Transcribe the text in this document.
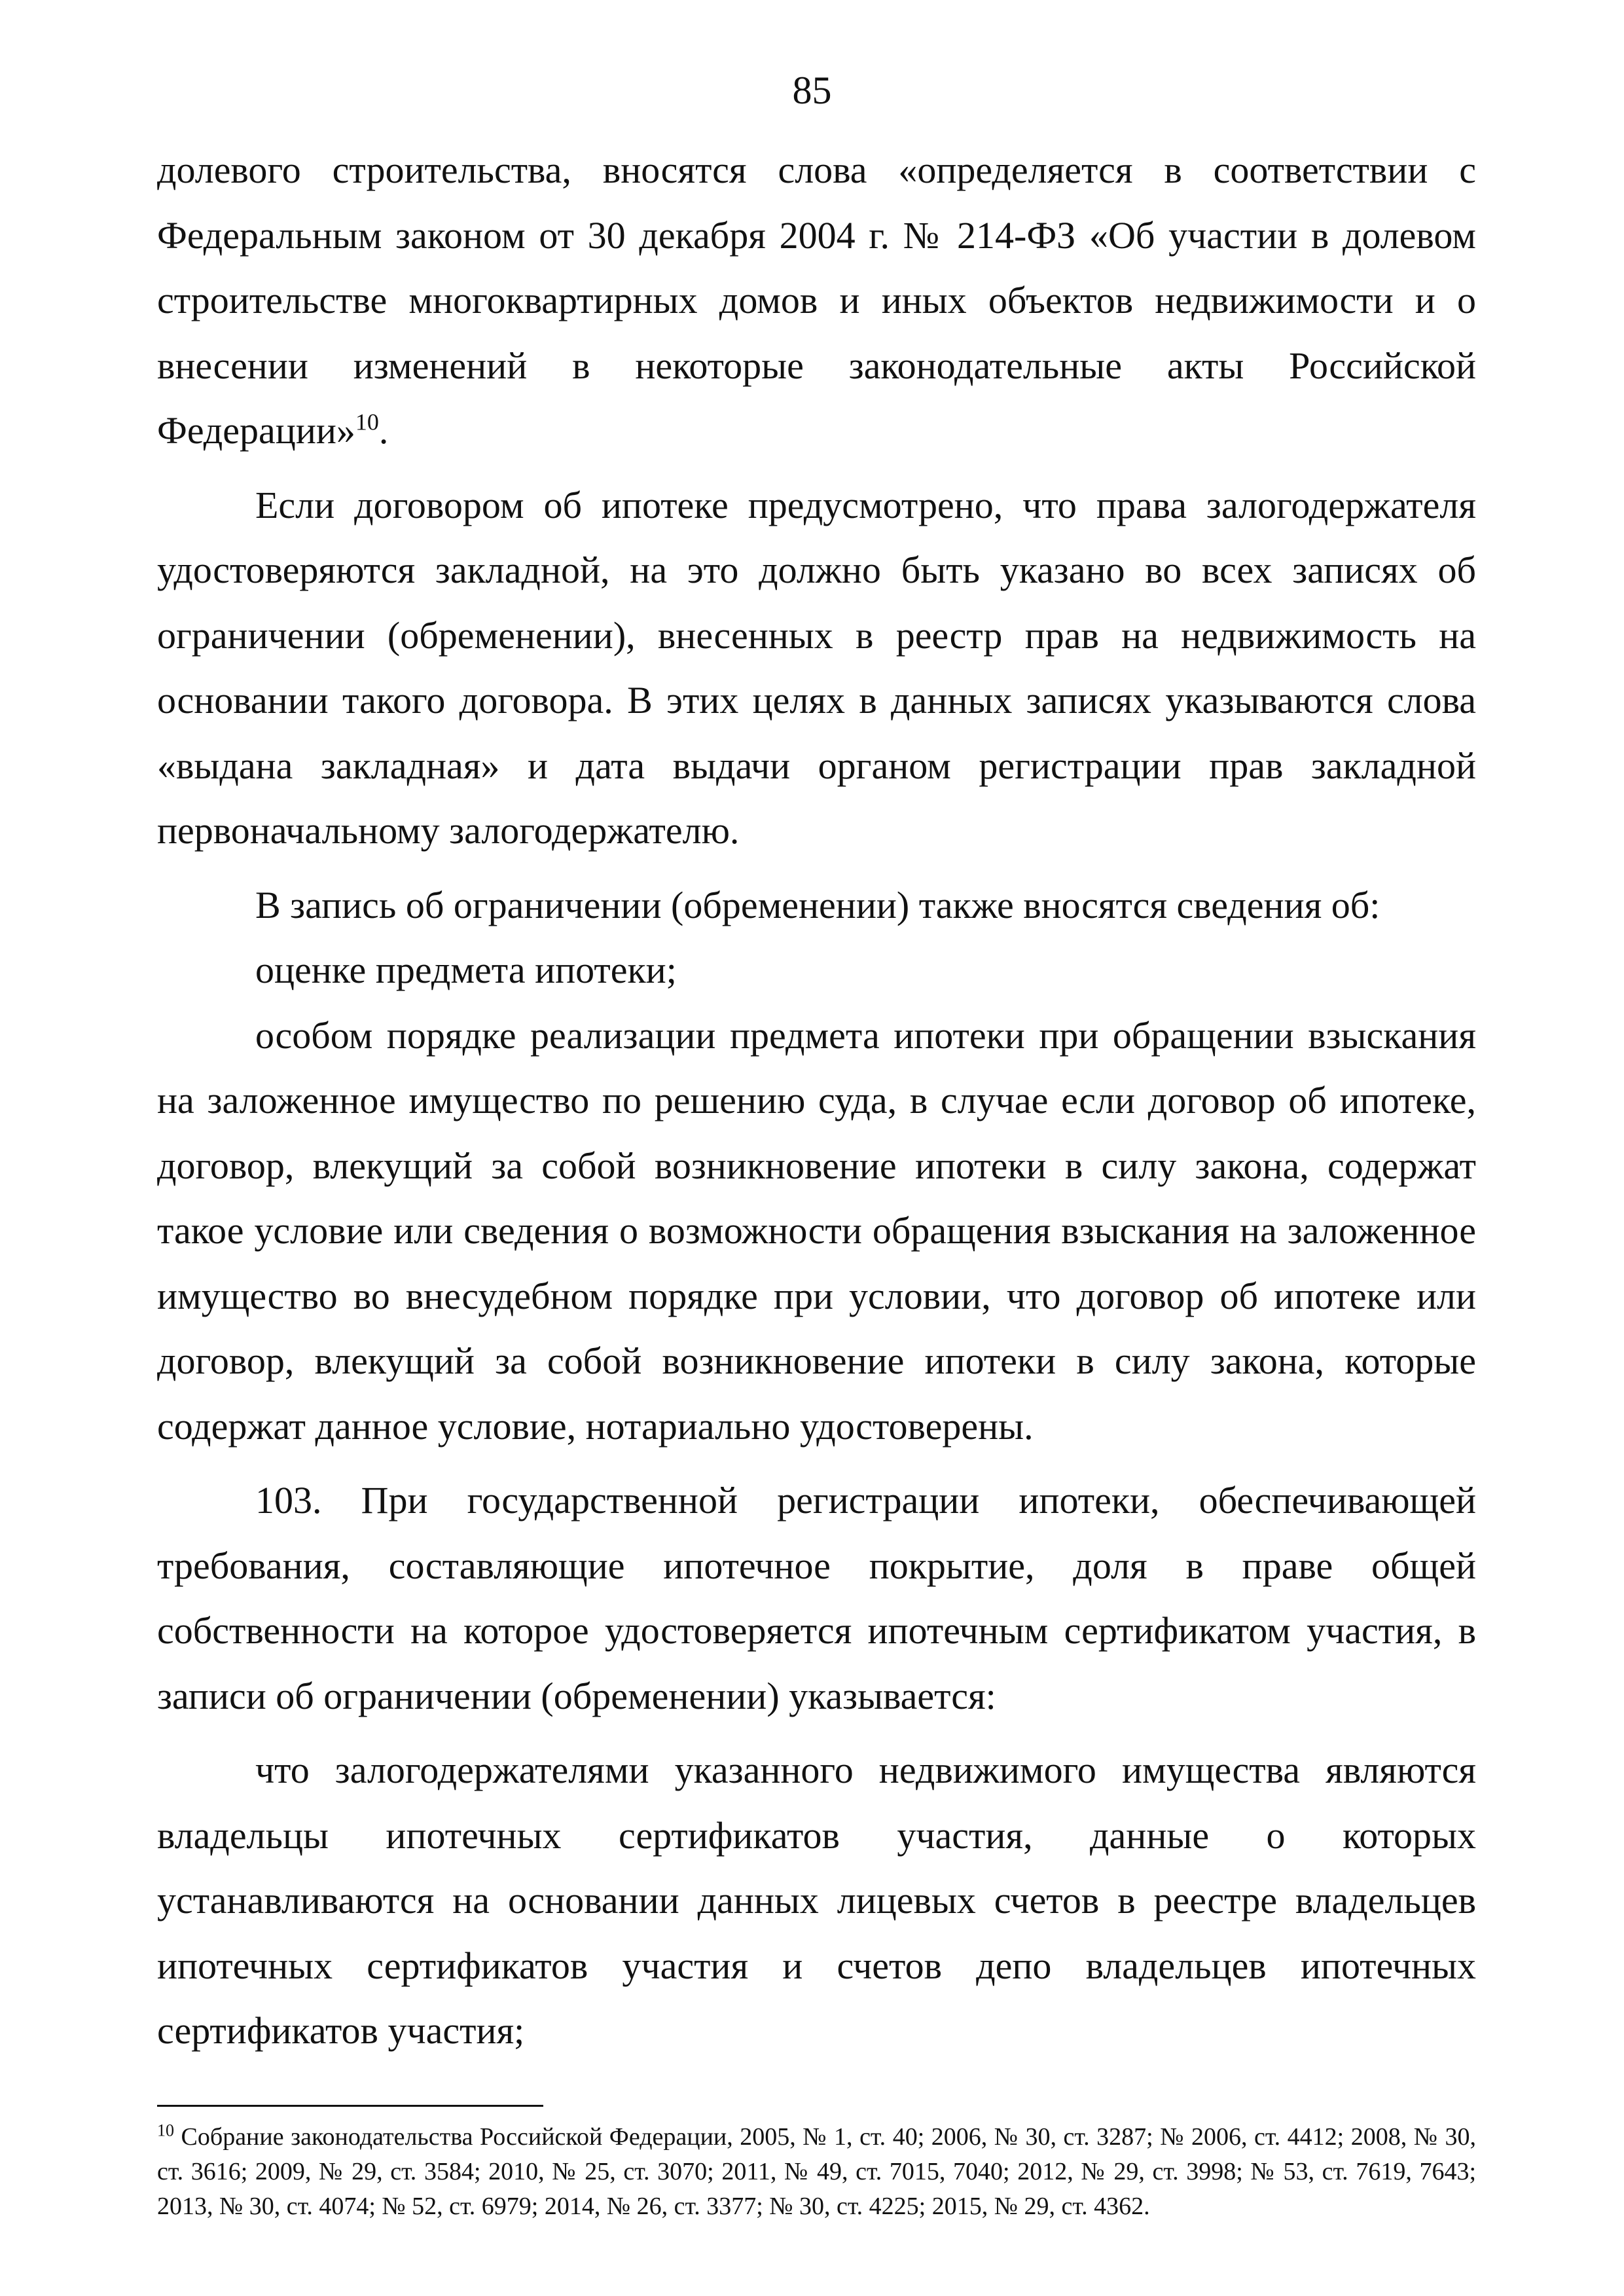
85

долевого строительства, вносятся слова «определяется в соответствии с Федеральным законом от 30 декабря 2004 г. № 214-ФЗ «Об участии в долевом строительстве многоквартирных домов и иных объектов недвижимости и о внесении изменений в некоторые законодательные акты Российской Федерации»$^{10}$.

Если договором об ипотеке предусмотрено, что права залогодержателя удостоверяются закладной, на это должно быть указано во всех записях об ограничении (обременении), внесенных в реестр прав на недвижимость на основании такого договора. В этих целях в данных записях указываются слова «выдана закладная» и дата выдачи органом регистрации прав закладной первоначальному залогодержателю.

В запись об ограничении (обременении) также вносятся сведения об:

оценке предмета ипотеки;

особом порядке реализации предмета ипотеки при обращении взыскания на заложенное имущество по решению суда, в случае если договор об ипотеке, договор, влекущий за собой возникновение ипотеки в силу закона, содержат такое условие или сведения о возможности обращения взыскания на заложенное имущество во внесудебном порядке при условии, что договор об ипотеке или договор, влекущий за собой возникновение ипотеки в силу закона, которые содержат данное условие, нотариально удостоверены.

103. При государственной регистрации ипотеки, обеспечивающей требования, составляющие ипотечное покрытие, доля в праве общей собственности на которое удостоверяется ипотечным сертификатом участия, в записи об ограничении (обременении) указывается:

что залогодержателями указанного недвижимого имущества являются владельцы ипотечных сертификатов участия, данные о которых устанавливаются на основании данных лицевых счетов в реестре владельцев ипотечных сертификатов участия и счетов депо владельцев ипотечных сертификатов участия;

$^{10}$ Собрание законодательства Российской Федерации, 2005, № 1, ст. 40; 2006, № 30, ст. 3287; № 2006, ст. 4412; 2008, № 30, ст. 3616; 2009, № 29, ст. 3584; 2010, № 25, ст. 3070; 2011, № 49, ст. 7015, 7040; 2012, № 29, ст. 3998; № 53, ст. 7619, 7643; 2013, № 30, ст. 4074; № 52, ст. 6979; 2014, № 26, ст. 3377; № 30, ст. 4225; 2015, № 29, ст. 4362.
